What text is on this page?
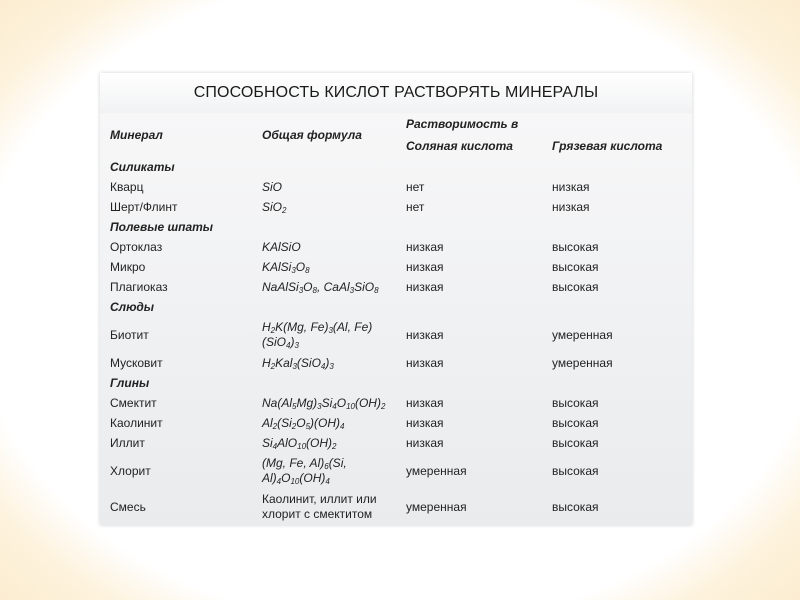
СПОСОБНОСТЬ КИСЛОТ РАСТВОРЯТЬ МИНЕРАЛЫ
Минерал	Общая формула	Растворимость в	
		Соляная кислота	Грязевая кислота
Силикаты			
Кварц	SiO	нет	низкая
Шерт/Флинт	SiO$_2$	нет	низкая
Полевые шпаты			
Ортоклаз	KAlSiO	низкая	высокая
Микро	$KAlSi_3O_8$	низкая	высокая
Плагиоказ	$NaAlSi_3O_8$, CaAl$_3$SiO$_8$	низкая	высокая
Слюды			
Биотит	$H_2K(Mg$, $Fe)_3(Al$, $Fe)(SiO_4)_3$	низкая	умеренная
Мусковит	$H_2Kal_3(SiO_4)_3$	низкая	умеренная
Глины			
Смектит	$Na(Al_5Mg)_3Si_4O_{10}(OH)_2$	низкая	высокая
Каолинит	$Al_2(Si_2O_5)(OH)_4$	низкая	высокая
Иллит	$Si_4AlO_{10}(OH)_2$	низкая	высокая
Хлорит	(Mg, Fe, $Al)_6(Si$, $Al)_4O_{10}(OH)_4$	умеренная	высокая
Смесь	Каолинит, иллит или хлорит с смектитом	умеренная	высокая
